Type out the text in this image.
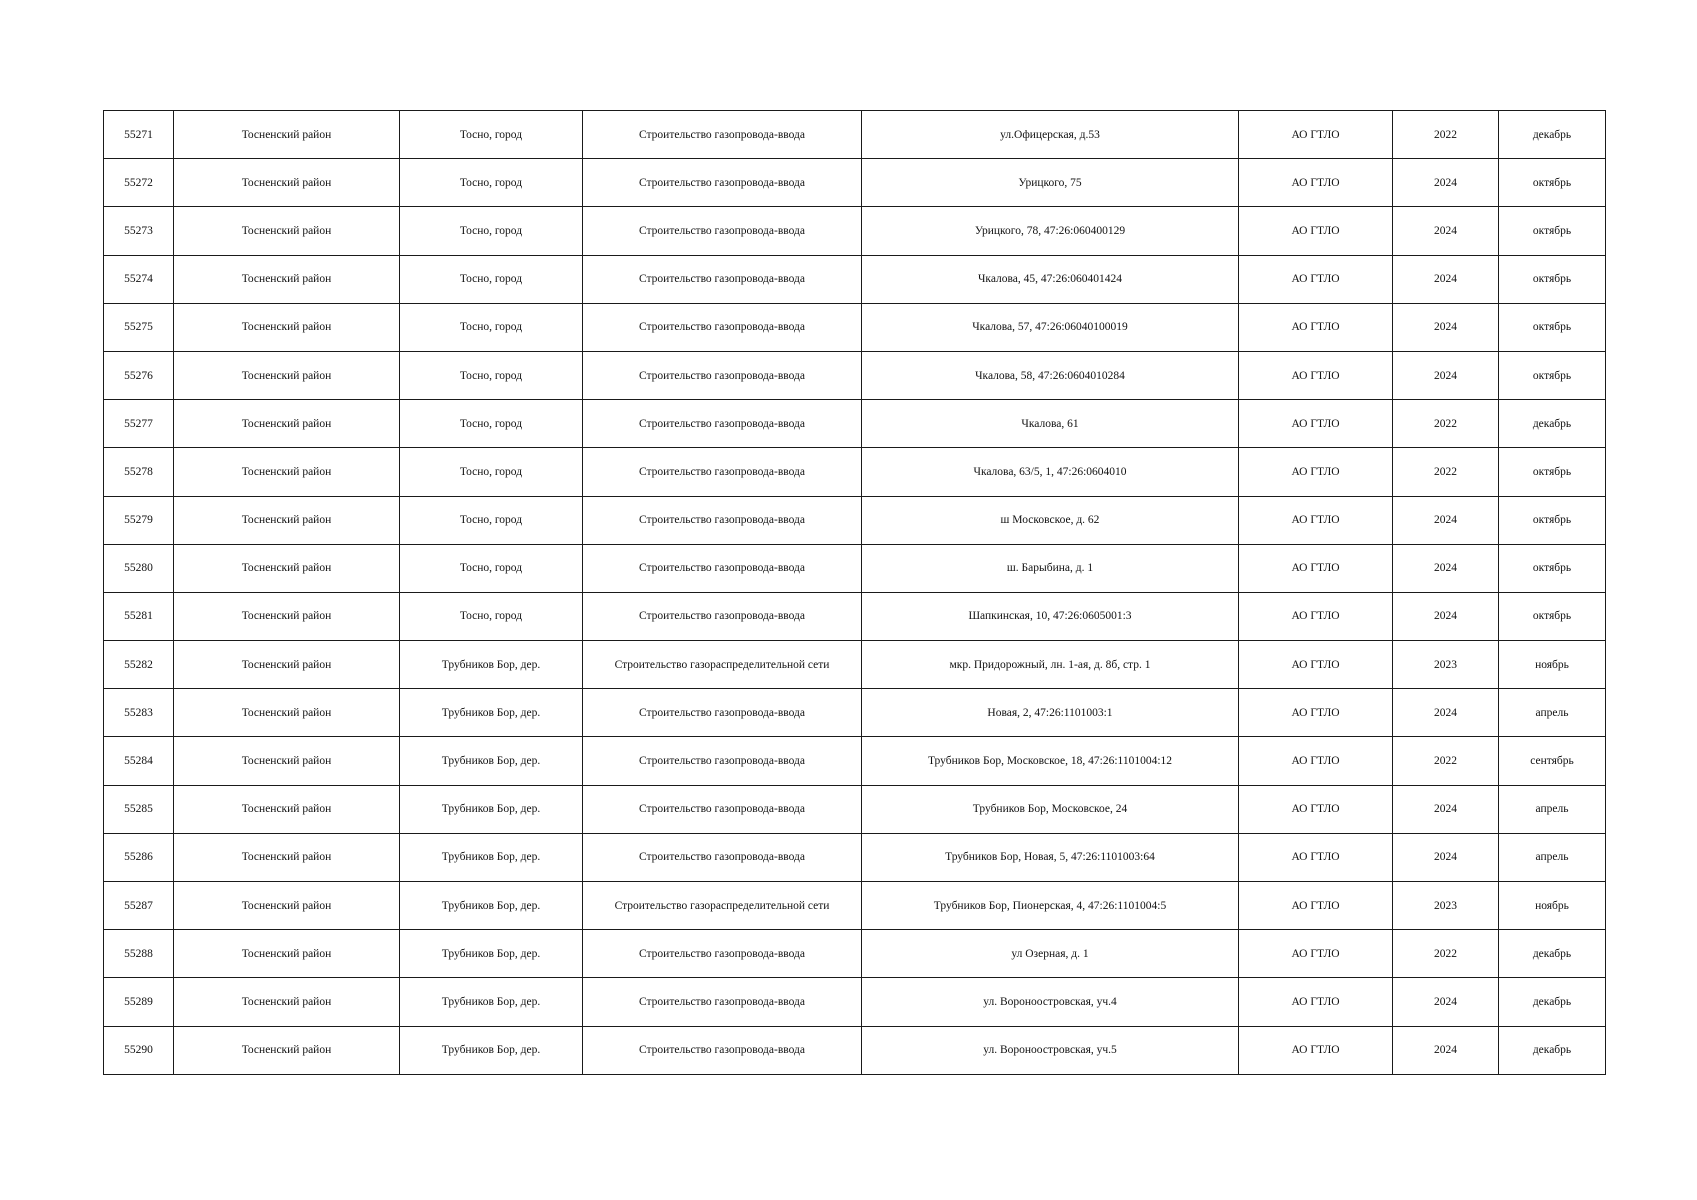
55271	Тосненский район	Тосно, город	Строительство газопровода-ввода	ул.Офицерская, д.53	АО ГТЛО	2022	декабрь
55272	Тосненский район	Тосно, город	Строительство газопровода-ввода	Урицкого, 75	АО ГТЛО	2024	октябрь
55273	Тосненский район	Тосно, город	Строительство газопровода-ввода	Урицкого, 78, 47:26:060400129	АО ГТЛО	2024	октябрь
55274	Тосненский район	Тосно, город	Строительство газопровода-ввода	Чкалова, 45, 47:26:060401424	АО ГТЛО	2024	октябрь
55275	Тосненский район	Тосно, город	Строительство газопровода-ввода	Чкалова, 57, 47:26:06040100019	АО ГТЛО	2024	октябрь
55276	Тосненский район	Тосно, город	Строительство газопровода-ввода	Чкалова, 58, 47:26:0604010284	АО ГТЛО	2024	октябрь
55277	Тосненский район	Тосно, город	Строительство газопровода-ввода	Чкалова, 61	АО ГТЛО	2022	декабрь
55278	Тосненский район	Тосно, город	Строительство газопровода-ввода	Чкалова, 63/5, 1, 47:26:0604010	АО ГТЛО	2022	октябрь
55279	Тосненский район	Тосно, город	Строительство газопровода-ввода	ш Московское, д. 62	АО ГТЛО	2024	октябрь
55280	Тосненский район	Тосно, город	Строительство газопровода-ввода	ш. Барыбина, д. 1	АО ГТЛО	2024	октябрь
55281	Тосненский район	Тосно, город	Строительство газопровода-ввода	Шапкинская, 10, 47:26:0605001:3	АО ГТЛО	2024	октябрь
55282	Тосненский район	Трубников Бор, дер.	Строительство газораспределительной сети	мкр. Придорожный, лн. 1-ая, д. 8б, стр. 1	АО ГТЛО	2023	ноябрь
55283	Тосненский район	Трубников Бор, дер.	Строительство газопровода-ввода	Новая, 2, 47:26:1101003:1	АО ГТЛО	2024	апрель
55284	Тосненский район	Трубников Бор, дер.	Строительство газопровода-ввода	Трубников Бор, Московское, 18, 47:26:1101004:12	АО ГТЛО	2022	сентябрь
55285	Тосненский район	Трубников Бор, дер.	Строительство газопровода-ввода	Трубников Бор, Московское, 24	АО ГТЛО	2024	апрель
55286	Тосненский район	Трубников Бор, дер.	Строительство газопровода-ввода	Трубников Бор, Новая, 5, 47:26:1101003:64	АО ГТЛО	2024	апрель
55287	Тосненский район	Трубников Бор, дер.	Строительство газораспределительной сети	Трубников Бор, Пионерская, 4, 47:26:1101004:5	АО ГТЛО	2023	ноябрь
55288	Тосненский район	Трубников Бор, дер.	Строительство газопровода-ввода	ул Озерная, д. 1	АО ГТЛО	2022	декабрь
55289	Тосненский район	Трубников Бор, дер.	Строительство газопровода-ввода	ул. Вороноостровская, уч.4	АО ГТЛО	2024	декабрь
55290	Тосненский район	Трубников Бор, дер.	Строительство газопровода-ввода	ул. Вороноостровская, уч.5	АО ГТЛО	2024	декабрь
